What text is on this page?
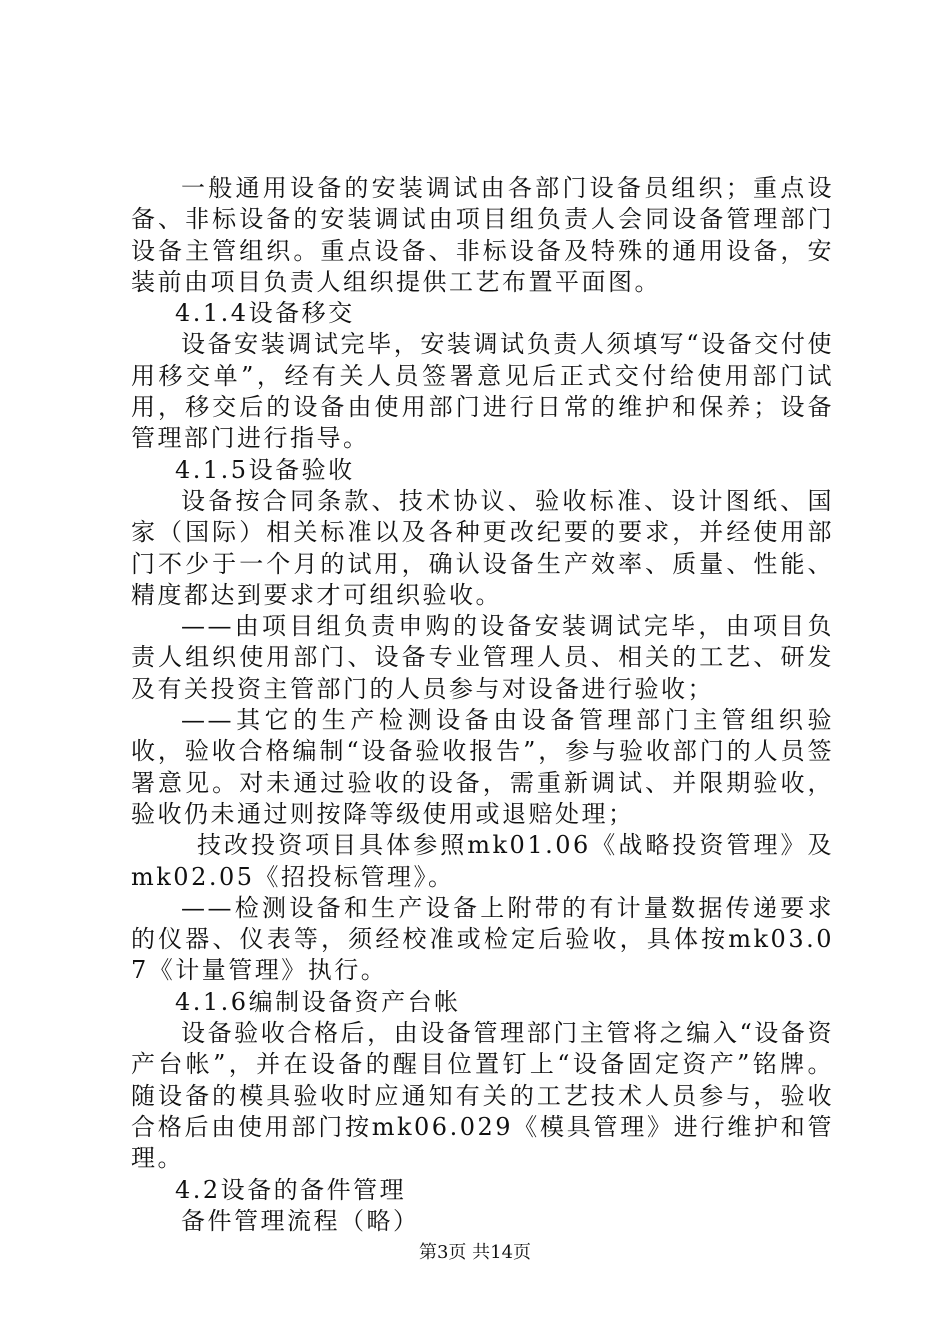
一般通用设备的安装调试由各部门设备员组织；重点设备、非标设备的安装调试由项目组负责人会同设备管理部门设备主管组织。重点设备、非标设备及特殊的通用设备，安装前由项目负责人组织提供工艺布置平面图。

4.1.4设备移交

设备安装调试完毕，安装调试负责人须填写“设备交付使用移交单”，经有关人员签署意见后正式交付给使用部门试用，移交后的设备由使用部门进行日常的维护和保养；设备管理部门进行指导。

4.1.5设备验收

设备按合同条款、技术协议、验收标准、设计图纸、国家（国际）相关标准以及各种更改纪要的要求，并经使用部门不少于一个月的试用，确认设备生产效率、质量、性能、精度都达到要求才可组织验收。

——由项目组负责申购的设备安装调试完毕，由项目负责人组织使用部门、设备专业管理人员、相关的工艺、研发及有关投资主管部门的人员参与对设备进行验收；

——其它的生产检测设备由设备管理部门主管组织验收，验收合格编制“设备验收报告”，参与验收部门的人员签署意见。对未通过验收的设备，需重新调试、并限期验收，验收仍未通过则按降等级使用或退赔处理；

技改投资项目具体参照mk01.06《战略投资管理》及mk02.05《招投标管理》。

——检测设备和生产设备上附带的有计量数据传递要求的仪器、仪表等，须经校准或检定后验收，具体按mk03.07《计量管理》执行。

4.1.6编制设备资产台帐

设备验收合格后，由设备管理部门主管将之编入“设备资产台帐”，并在设备的醒目位置钉上“设备固定资产”铭牌。随设备的模具验收时应通知有关的工艺技术人员参与，验收合格后由使用部门按mk06.029《模具管理》进行维护和管理。

4.2设备的备件管理

备件管理流程（略）

第3页 共14页
